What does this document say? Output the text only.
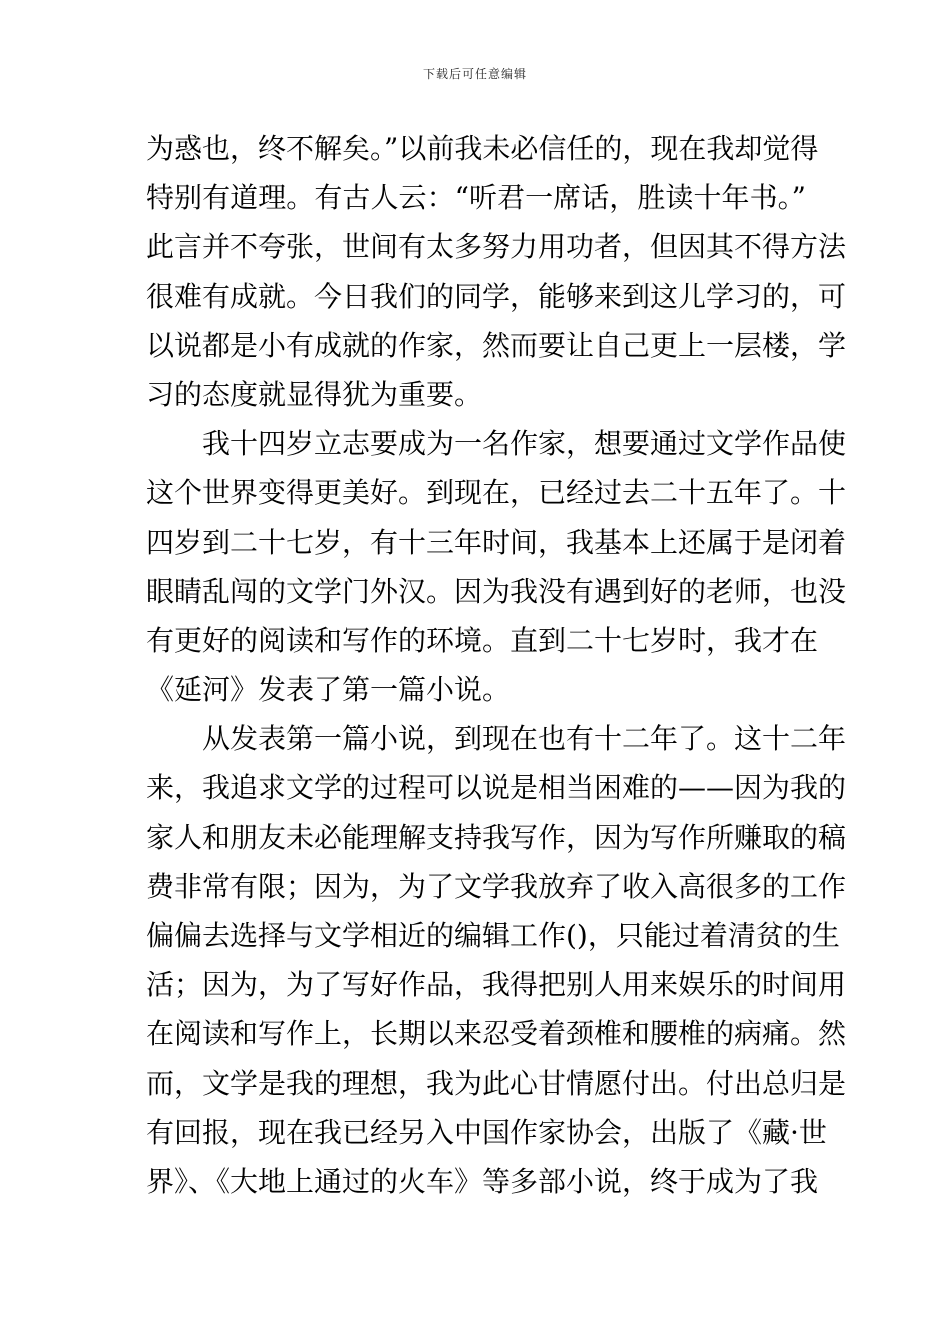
下载后可任意编辑
为惑也，终不解矣。”以前我未必信任的，现在我却觉得
特别有道理。有古人云：“听君一席话，胜读十年书。”
此言并不夸张，世间有太多努力用功者，但因其不得方法
很难有成就。今日我们的同学，能够来到这儿学习的，可
以说都是小有成就的作家，然而要让自己更上一层楼，学
习的态度就显得犹为重要。
我十四岁立志要成为一名作家，想要通过文学作品使
这个世界变得更美好。到现在，已经过去二十五年了。十
四岁到二十七岁，有十三年时间，我基本上还属于是闭着
眼睛乱闯的文学门外汉。因为我没有遇到好的老师，也没
有更好的阅读和写作的环境。直到二十七岁时，我才在
《延河》发表了第一篇小说。
从发表第一篇小说，到现在也有十二年了。这十二年
来，我追求文学的过程可以说是相当困难的——因为我的
家人和朋友未必能理解支持我写作，因为写作所赚取的稿
费非常有限；因为，为了文学我放弃了收入高很多的工作
偏偏去选择与文学相近的编辑工作()，只能过着清贫的生
活；因为，为了写好作品，我得把别人用来娱乐的时间用
在阅读和写作上，长期以来忍受着颈椎和腰椎的病痛。然
而，文学是我的理想，我为此心甘情愿付出。付出总归是
有回报，现在我已经另入中国作家协会，出版了《藏·世
界》、《大地上通过的火车》等多部小说，终于成为了我
